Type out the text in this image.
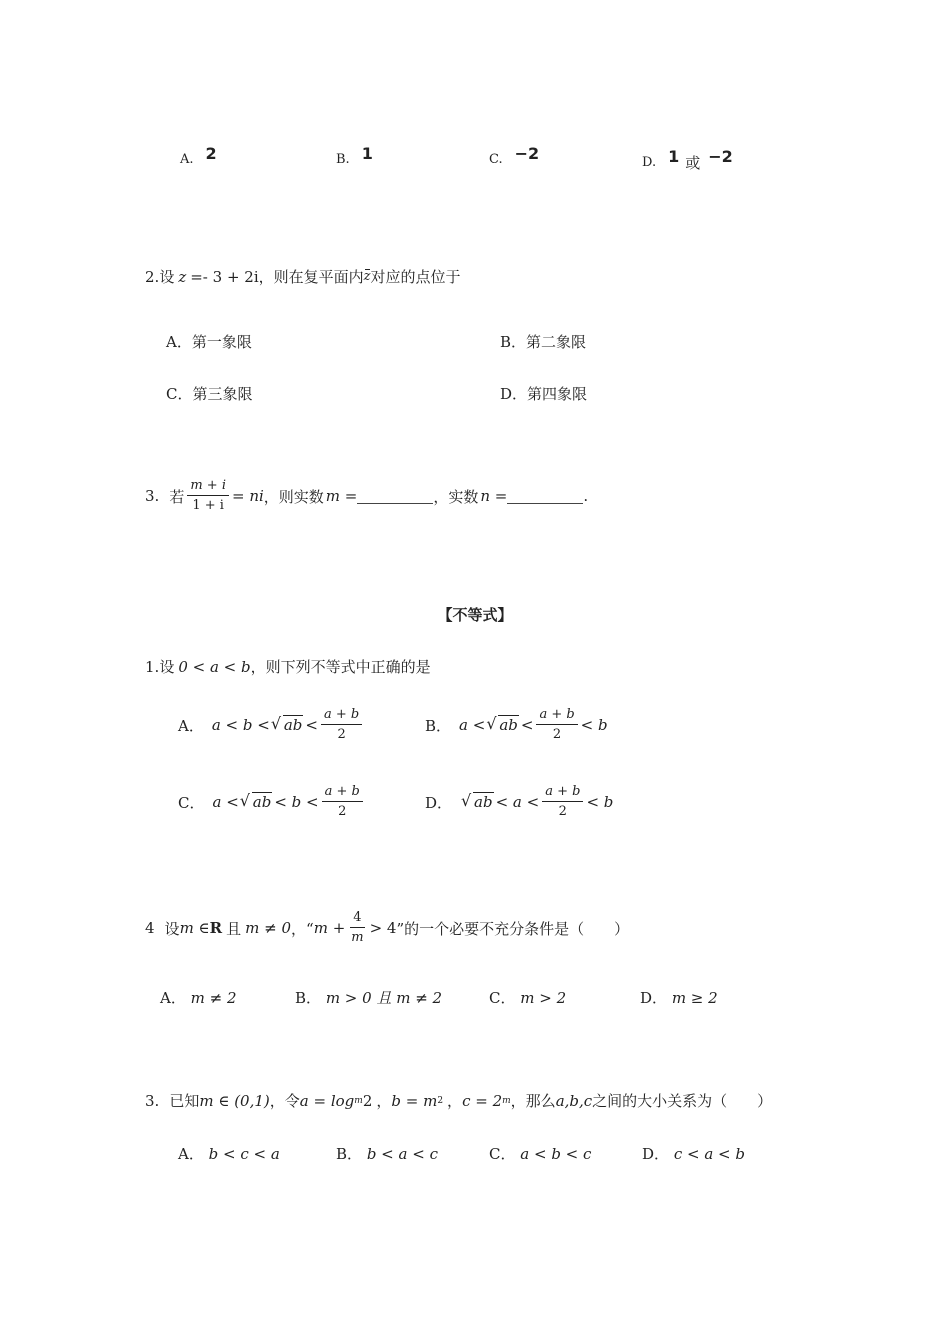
A. 2	B. 1	C. −2	D. 1 或 −2
2. 设 z =- 3 + 2i ，则在复平面内 z 对应的点位于
A．第一象限	B．第二象限
C．第三象限	D．第四象限
3. 若 $\frac{m + i}{1 + i}$ = ni ，则实数 m =	，实数 n =	.
【不等式】
1. 设 0 < a < b ，则下列不等式中正确的是
A． a < b < √ ab < $\frac{a + b}{2}$	B． a < √ ab < $\frac{a + b}{2} < b$
C． a < √ ab < $b < \frac{a + b}{2}$	D．	√ ab < $a < \frac{a + b}{2} < b$
4 设 m ∈ R 且 m ≠ 0 ，“ $m + \frac{4}{m} > 4$ ”的一个必要不充分条件是（　　）
A． m ≠ 2	B． m > 0 且 m ≠ 2	C． m > 2	D． m ≥ 2
3. 已知 m ∈ (0,1) ，令 a = log m 2 ， b = m 2 ， c = 2 m ，那么 a,b,c 之间的大小关系为（　　）
A． b < c < a	B． b < a < c	C． a < b < c	D． c < a < b
